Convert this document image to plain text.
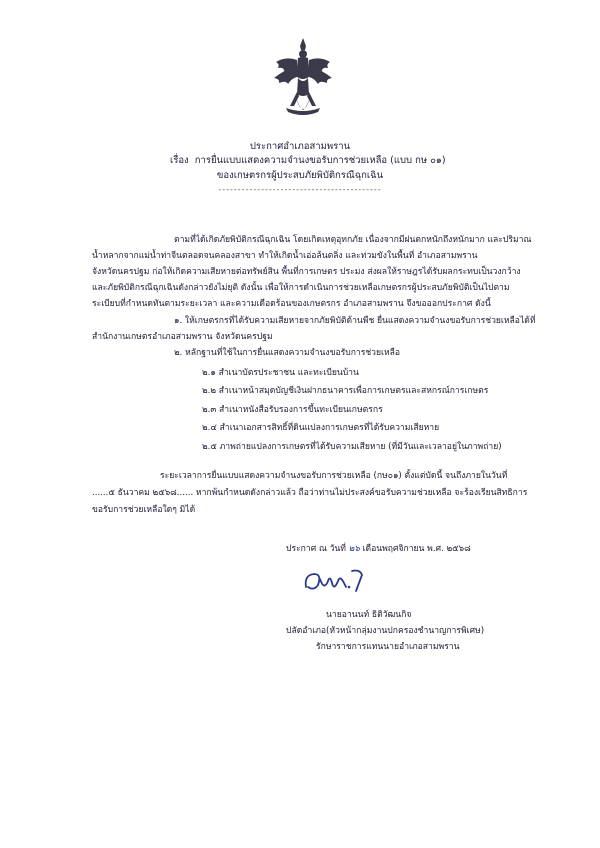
ประกาศอำเภอสามพราน
เรื่อง การยื่นแบบแสดงความจำนงขอรับการช่วยเหลือ (แบบ กษ ๐๑)
ของเกษตรกรผู้ประสบภัยพิบัติกรณีฉุกเฉิน
------------------------------------------
ตามที่ได้เกิดภัยพิบัติกรณีฉุกเฉิน โดยเกิดเหตุอุทกภัย เนื่องจากมีฝนตกหนักถึงหนักมาก และปริมาณ
น้ำหลากจากแม่น้ำท่าจีนตลอดจนคลองสาขา ทำให้เกิดน้ำเอ่อล้นตลิ่ง และท่วมขังในพื้นที่ อำเภอสามพราน
จังหวัดนครปฐม ก่อให้เกิดความเสียหายต่อทรัพย์สิน พื้นที่การเกษตร ประมง ส่งผลให้ราษฎรได้รับผลกระทบเป็นวงกว้าง
และภัยพิบัติกรณีฉุกเฉินดังกล่าวยังไม่ยุติ ดังนั้น เพื่อให้การดำเนินการช่วยเหลือเกษตรกรผู้ประสบภัยพิบัติเป็นไปตาม
ระเบียบที่กำหนดทันตามระยะเวลา และความเดือดร้อนของเกษตรกร อำเภอสามพราน จึงขอออกประกาศ ดังนี้
๑. ให้เกษตรกรที่ได้รับความเสียหายจากภัยพิบัติด้านพืช ยื่นแสดงความจำนงขอรับการช่วยเหลือได้ที่
สำนักงานเกษตรอำเภอสามพราน จังหวัดนครปฐม
๒. หลักฐานที่ใช้ในการยื่นแสดงความจำนงขอรับการช่วยเหลือ
๒.๑ สำเนาบัตรประชาชน และทะเบียนบ้าน
๒.๒ สำเนาหน้าสมุดบัญชีเงินฝากธนาคารเพื่อการเกษตรและสหกรณ์การเกษตร
๒.๓ สำเนาหนังสือรับรองการขึ้นทะเบียนเกษตรกร
๒.๔ สำเนาเอกสารสิทธิ์ที่ดินแปลงการเกษตรที่ได้รับความเสียหาย
๒.๕ ภาพถ่ายแปลงการเกษตรที่ได้รับความเสียหาย (ที่มีวันและเวลาอยู่ในภาพถ่าย)
ระยะเวลาการยื่นแบบแสดงความจำนงขอรับการช่วยเหลือ (กษ๐๑) ตั้งแต่บัดนี้ จนถึงภายในวันที่
......๕ ธันวาคม ๒๕๖๘...... หากพ้นกำหนดดังกล่าวแล้ว ถือว่าท่านไม่ประสงค์ขอรับความช่วยเหลือ จะร้องเรียนสิทธิการ
ขอรับการช่วยเหลือใดๆ มิได้
ประกาศ ณ วันที่ ๒๖ เดือนพฤศจิกายน พ.ศ. ๒๕๖๘
นายอานนท์ ธิติวัฒนกิจ
ปลัดอำเภอ(หัวหน้ากลุ่มงานปกครองชำนาญการพิเศษ)
รักษาราชการแทนนายอำเภอสามพราน
